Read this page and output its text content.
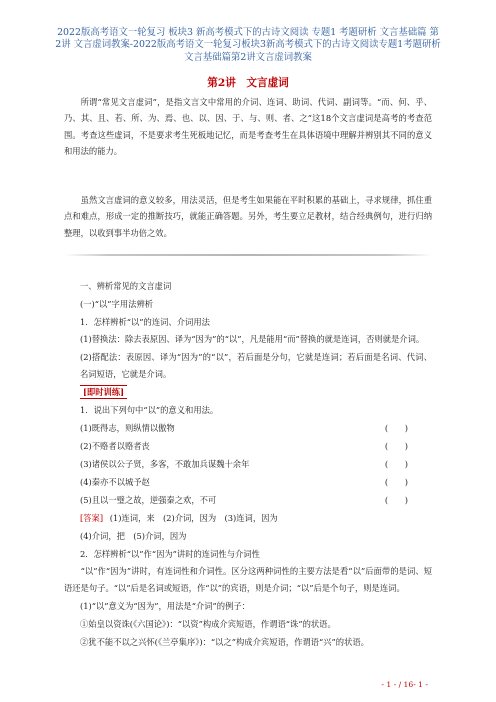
2022版高考语文一轮复习 板块3 新高考模式下的古诗文阅读 专题1 考题研析 文言基础篇 第2讲 文言虚词教案-2022版高考语文一轮复习板块3新高考模式下的古诗文阅读专题1考题研析文言基础篇第2讲文言虚词教案
第2讲　文言虚词
所谓“常见文言虚词”，是指文言文中常用的介词、连词、助词、代词、副词等。“而、何、乎、乃、其、且、若、所、为、焉、也、以、因、于、与、则、者、之”这18个文言虚词是高考的考查范围。考查这些虚词，不是要求考生死板地记忆，而是考查考生在具体语境中理解并辨别其不同的意义和用法的能力。
虽然文言虚词的意义较多，用法灵活，但是考生如果能在平时积累的基础上，寻求规律，抓住重点和难点，形成一定的推断技巧，就能正确答题。另外，考生要立足教材，结合经典例句，进行归纳整理，以收到事半功倍之效。
一、辨析常见的文言虚词
(一)“以”字用法辨析
1．怎样辨析“以”的连词、介词用法
(1)替换法：除去表原因、译为“因为”的“以”，凡是能用“而”替换的就是连词，否则就是介词。
(2)搭配法：表原因、译为“因为”的“以”，若后面是分句，它就是连词；若后面是名词、代词、名词短语，它就是介词。
[即时训练]
1．说出下列句中“以”的意义和用法。
(1)既得志，则纵情以傲物	(　　)
(2)不赂者以赂者丧	(　　)
(3)诸侯以公子贤，多客，不敢加兵谋魏十余年	(　　)
(4)秦亦不以城予赵	(　　)
(5)且以一璧之故，逆强秦之欢，不可	(　　)
[答案] (1)连词，来　(2)介词，因为　(3)连词，因为
(4)介词，把　(5)介词，因为
2．怎样辨析“以”作“因为”讲时的连词性与介词性
“以”作“因为”讲时，有连词性和介词性。区分这两种词性的主要方法是看“以”后面带的是词、短语还是句子。“以”后是名词或短语，作“以”的宾语，则是介词；“以”后是个句子，则是连词。
(1)“以”意义为“因为”，用法是“介词”的例子：
①始皇以资诛(《六国论》)：“以资”构成介宾短语，作谓语“诛”的状语。
②犹不能不以之兴怀(《兰亭集序》)：“以之”构成介宾短语，作谓语“兴”的状语。
- 1 - / 16- 1 -
